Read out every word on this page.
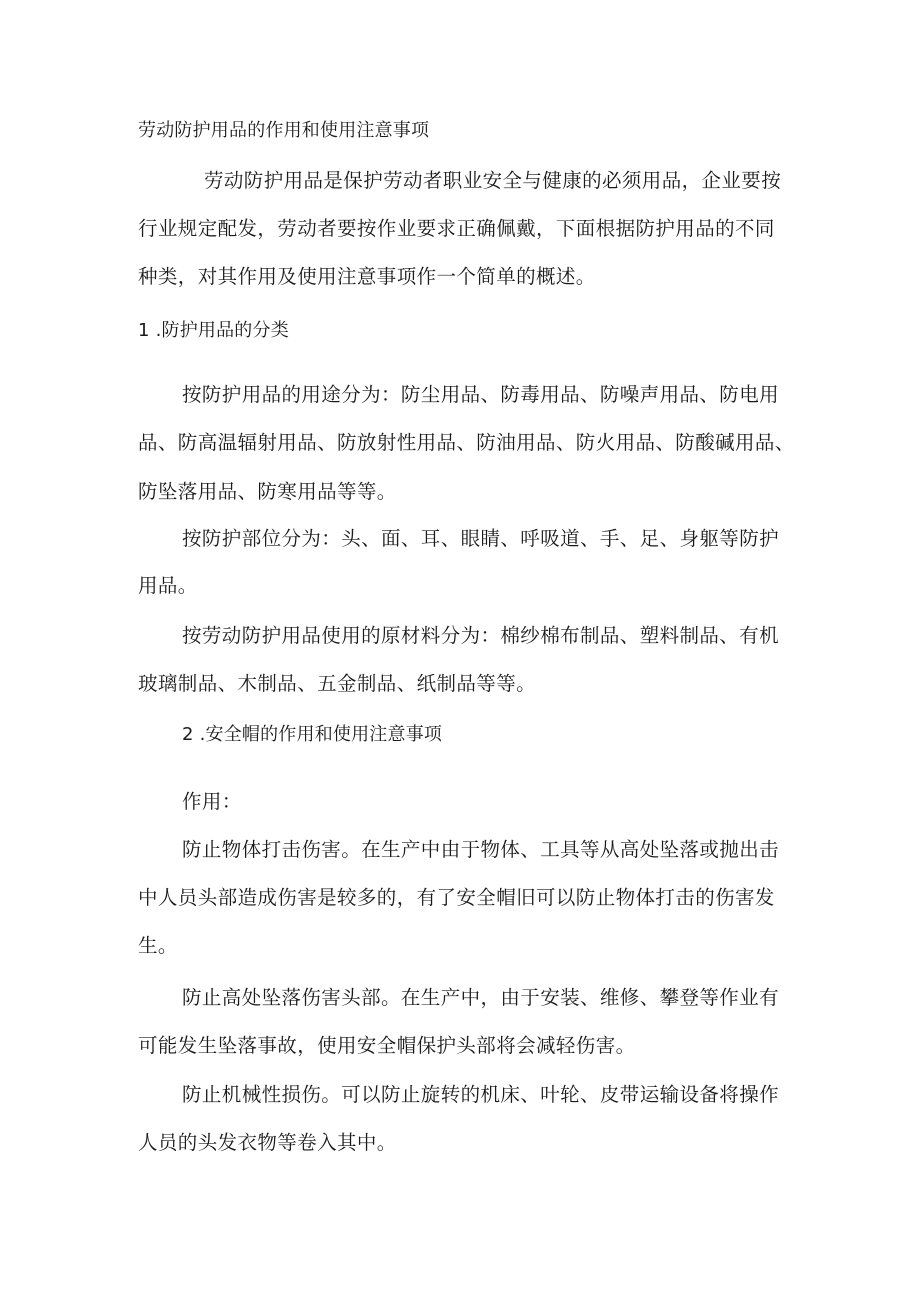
劳动防护用品的作用和使用注意事项

劳动防护用品是保护劳动者职业安全与健康的必须用品，企业要按

行业规定配发，劳动者要按作业要求正确佩戴，下面根据防护用品的不同

种类，对其作用及使用注意事项作一个简单的概述。

1 .防护用品的分类

按防护用品的用途分为：防尘用品、防毒用品、防噪声用品、防电用

品、防高温辐射用品、防放射性用品、防油用品、防火用品、防酸碱用品、

防坠落用品、防寒用品等等。

按防护部位分为：头、面、耳、眼睛、呼吸道、手、足、身躯等防护

用品。

按劳动防护用品使用的原材料分为：棉纱棉布制品、塑料制品、有机

玻璃制品、木制品、五金制品、纸制品等等。

2 .安全帽的作用和使用注意事项

作用：

防止物体打击伤害。在生产中由于物体、工具等从高处坠落或抛出击

中人员头部造成伤害是较多的，有了安全帽旧可以防止物体打击的伤害发

生。

防止高处坠落伤害头部。在生产中，由于安装、维修、攀登等作业有

可能发生坠落事故，使用安全帽保护头部将会减轻伤害。

防止机械性损伤。可以防止旋转的机床、叶轮、皮带运输设备将操作

人员的头发衣物等卷入其中。
